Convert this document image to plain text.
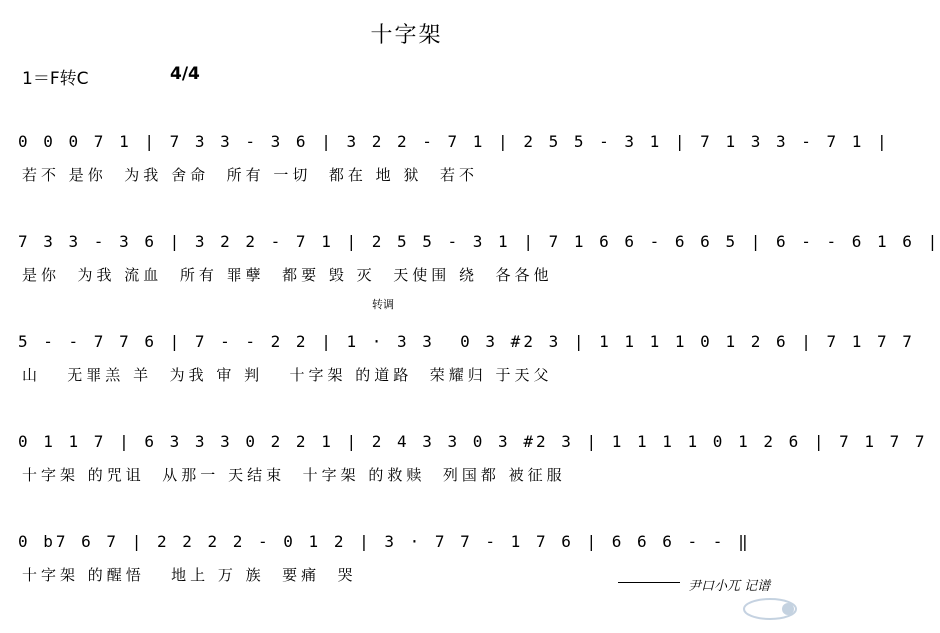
十字架
1＝F转C	4/4
0 0 0 7 1 | 7 3 3 - 3 6 | 3 2 2 - 7 1 | 2 5 5 - 3 1 | 7 1 3 3 - 7 1 |
若不 是你  为我 舍命  所有 一切  都在 地 狱  若不
7 3 3 - 3 6 | 3 2 2 - 7 1 | 2 5 5 - 3 1 | 7 1 6 6 - 6 6 5 | 6 - - 6 1 6 |
是你  为我 流血  所有 罪孽  都要 毁 灭  天使围 绕  各各他
转调
5 - - 7 7 6 | 7 - - 2 2 | 1 · 3 3  0 3 #2 3 | 1 1 1 1 0 1 2 6 | 7 1 7 7
山   无罪羔 羊  为我 审 判   十字架 的道路  荣耀归 于天父
0 1 1 7 | 6 3 3 3 0 2 2 1 | 2 4 3 3 0 3 #2 3 | 1 1 1 1 0 1 2 6 | 7 1 7 7
十字架 的咒诅  从那一 天结束  十字架 的救赎  列国都 被征服
0 b7 6 7 | 2 2 2 2 - 0 1 2 | 3 · 7 7 - 1 7 6 | 6 6 6 - - ‖
十字架 的醒悟   地上 万 族  要痛  哭
尹口小兀 记谱
